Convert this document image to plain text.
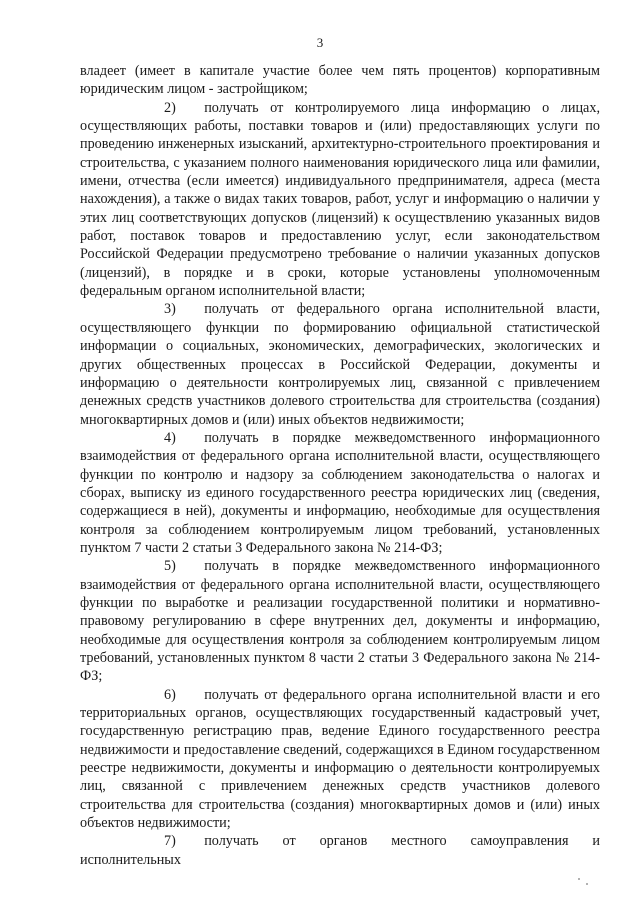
3

владеет (имеет в капитале участие более чем пять процентов) корпоративным юридическим лицом - застройщиком;

2)   получать от контролируемого лица информацию о лицах, осуществляющих работы, поставки товаров и (или) предоставляющих услуги по проведению инженерных изысканий, архитектурно-строительного проектирования и строительства, с указанием полного наименования юридического лица или фамилии, имени, отчества (если имеется) индивидуального предпринимателя, адреса (места нахождения), а также о видах таких товаров, работ, услуг и информацию о наличии у этих лиц соответствующих допусков (лицензий) к осуществлению указанных видов работ, поставок товаров и предоставлению услуг, если законодательством Российской Федерации предусмотрено требование о наличии указанных допусков (лицензий), в порядке и в сроки, которые установлены уполномоченным федеральным органом исполнительной власти;

3)   получать от федерального органа исполнительной власти, осуществляющего функции по формированию официальной статистической информации о социальных, экономических, демографических, экологических и других общественных процессах в Российской Федерации, документы и информацию о деятельности контролируемых лиц, связанной с привлечением денежных средств участников долевого строительства для строительства (создания) многоквартирных домов и (или) иных объектов недвижимости;

4)   получать в порядке межведомственного информационного взаимодействия от федерального органа исполнительной власти, осуществляющего функции по контролю и надзору за соблюдением законодательства о налогах и сборах, выписку из единого государственного реестра юридических лиц (сведения, содержащиеся в ней), документы и информацию, необходимые для осуществления контроля за соблюдением контролируемым лицом требований, установленных пунктом 7 части 2 статьи 3 Федерального закона № 214-ФЗ;

5)   получать в порядке межведомственного информационного взаимодействия от федерального органа исполнительной власти, осуществляющего функции по выработке и реализации государственной политики и нормативно-правовому регулированию в сфере внутренних дел, документы и информацию, необходимые для осуществления контроля за соблюдением контролируемым лицом требований, установленных пунктом 8 части 2 статьи 3 Федерального закона № 214-ФЗ;

6)   получать от федерального органа исполнительной власти и его территориальных органов, осуществляющих государственный кадастровый учет, государственную регистрацию прав, ведение Единого государственного реестра недвижимости и предоставление сведений, содержащихся в Едином государственном реестре недвижимости, документы и информацию о деятельности контролируемых лиц, связанной с привлечением денежных средств участников долевого строительства для строительства (создания) многоквартирных домов и (или) иных объектов недвижимости;

7)   получать от органов местного самоуправления и исполнительных
